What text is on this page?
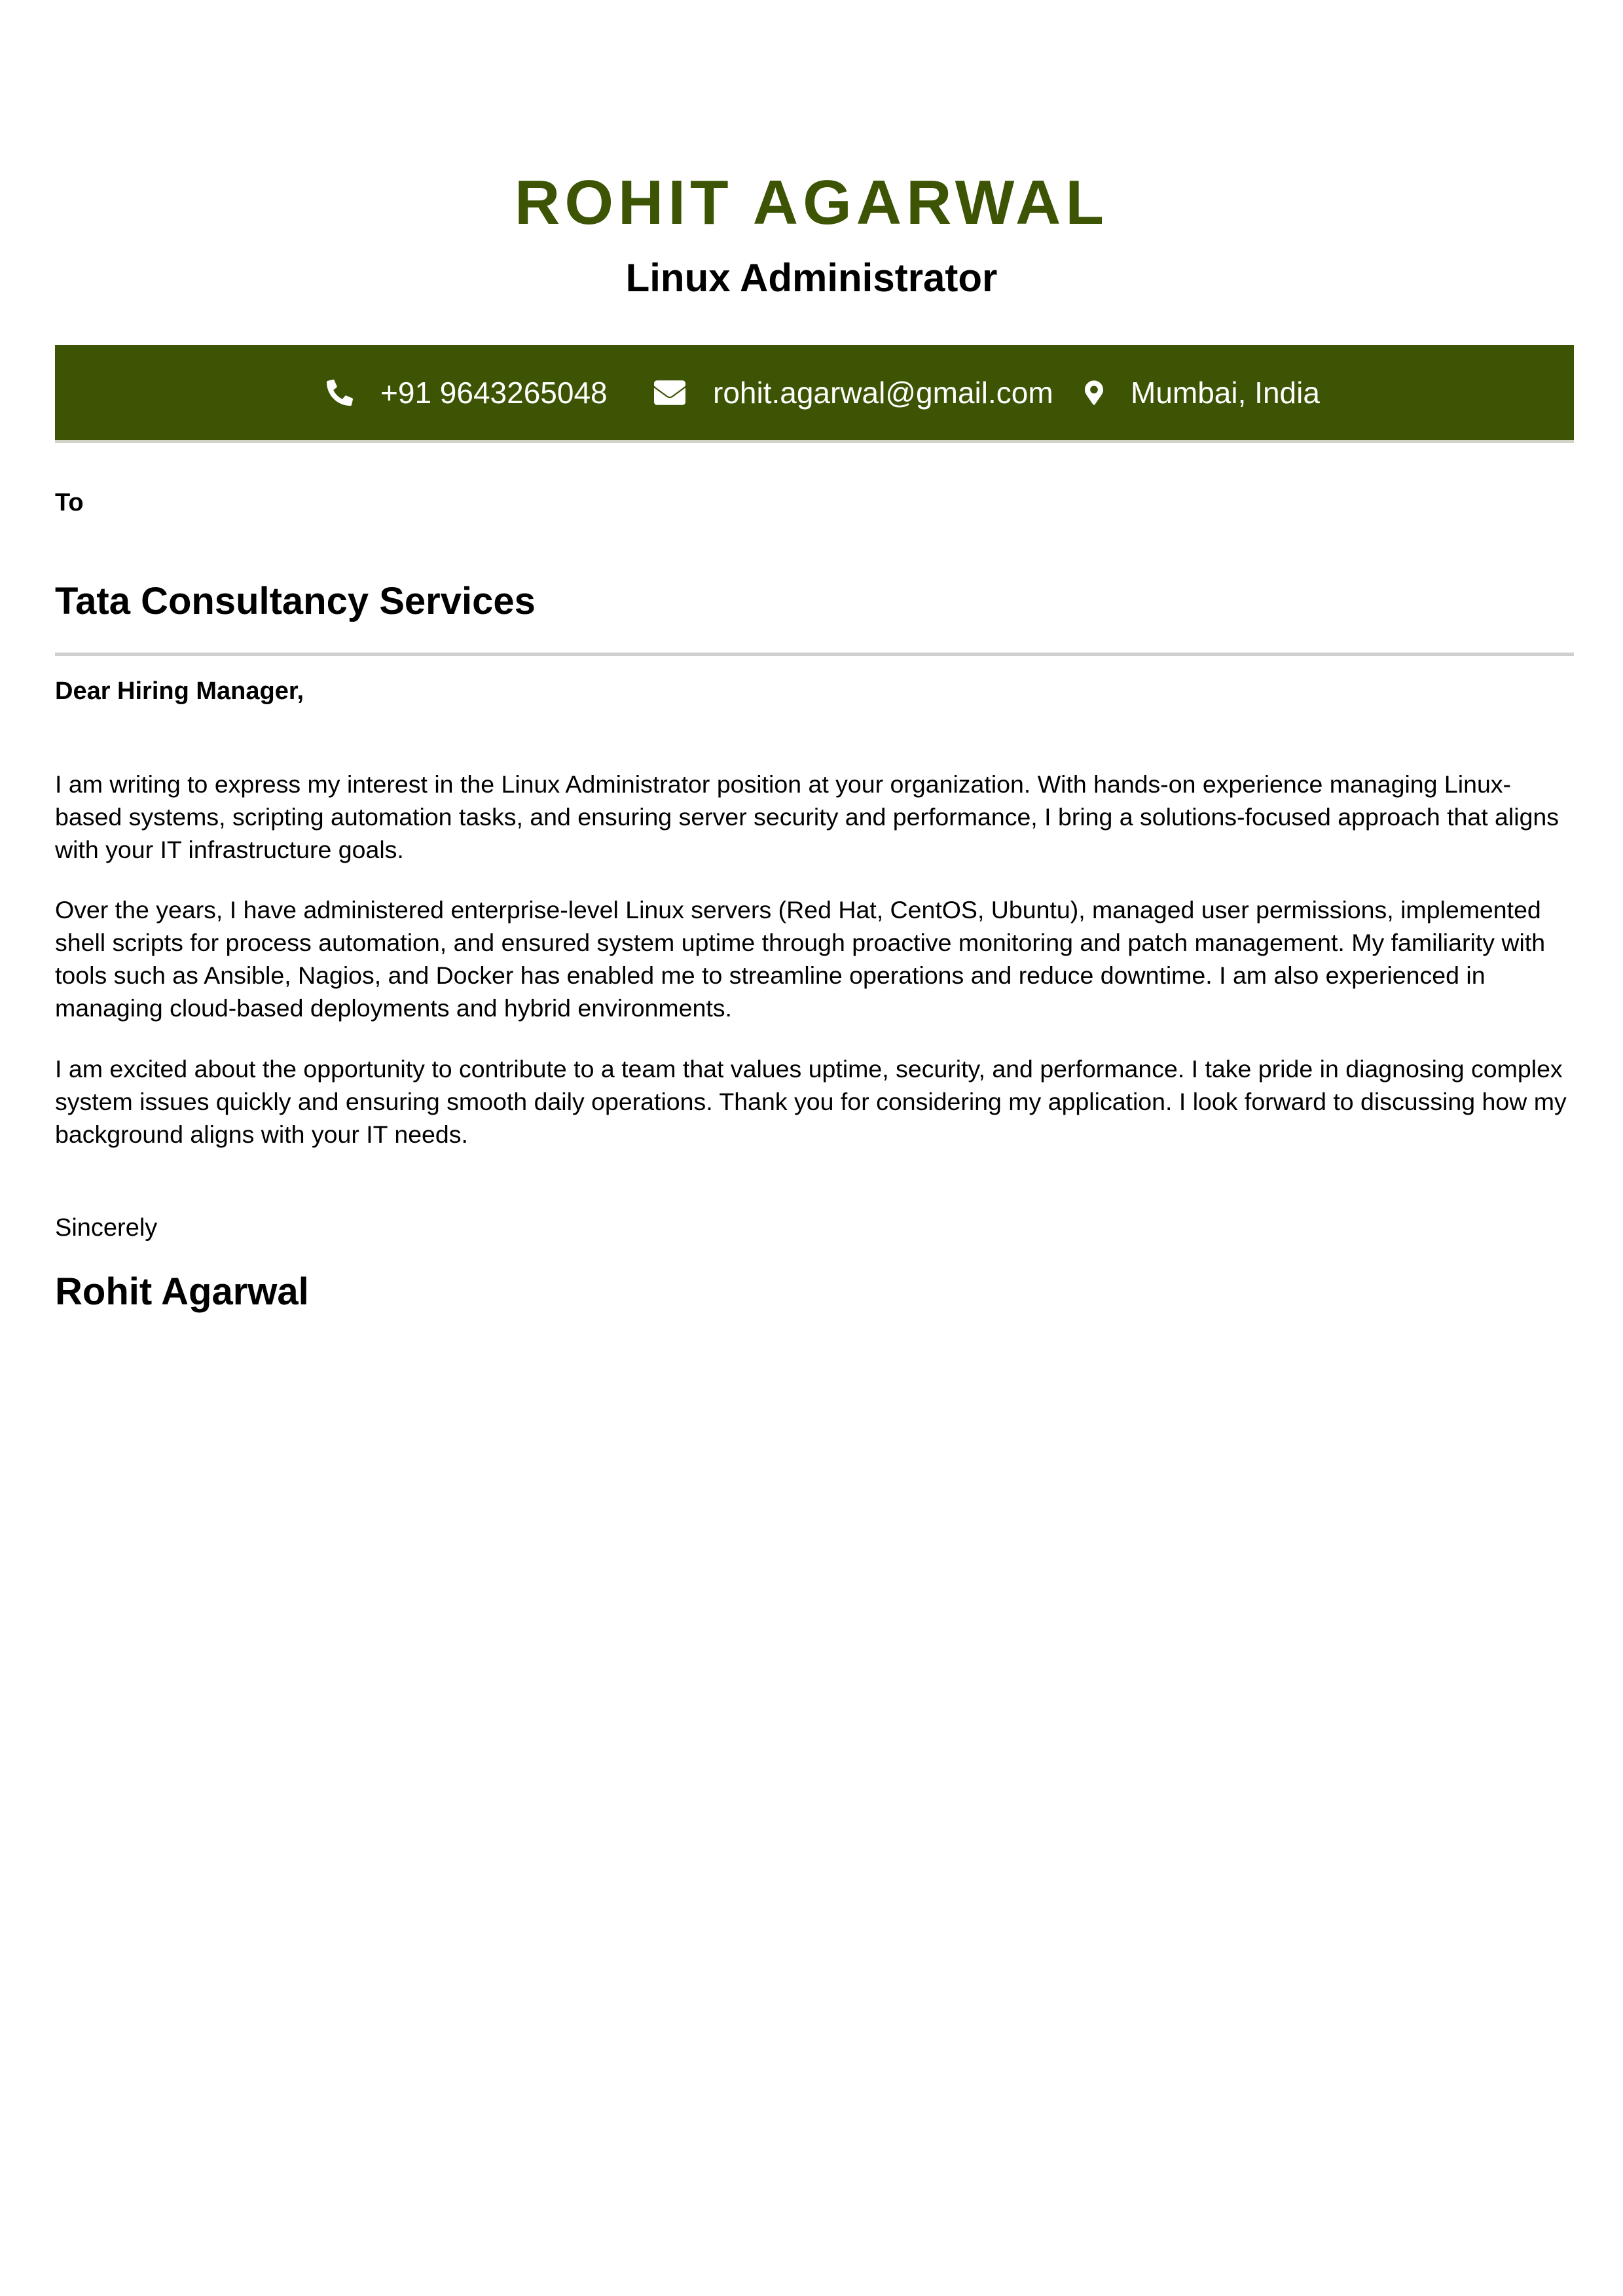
ROHIT AGARWAL
Linux Administrator
+91 9643265048	rohit.agarwal@gmail.com	Mumbai, India
To
Tata Consultancy Services
Dear Hiring Manager,

I am writing to express my interest in the Linux Administrator position at your organization. With hands-on experience managing Linux-based systems, scripting automation tasks, and ensuring server security and performance, I bring a solutions-focused approach that aligns with your IT infrastructure goals.

Over the years, I have administered enterprise-level Linux servers (Red Hat, CentOS, Ubuntu), managed user permissions, implemented shell scripts for process automation, and ensured system uptime through proactive monitoring and patch management. My familiarity with tools such as Ansible, Nagios, and Docker has enabled me to streamline operations and reduce downtime. I am also experienced in managing cloud-based deployments and hybrid environments.

I am excited about the opportunity to contribute to a team that values uptime, security, and performance. I take pride in diagnosing complex system issues quickly and ensuring smooth daily operations. Thank you for considering my application. I look forward to discussing how my background aligns with your IT needs.

Sincerely
Rohit Agarwal
